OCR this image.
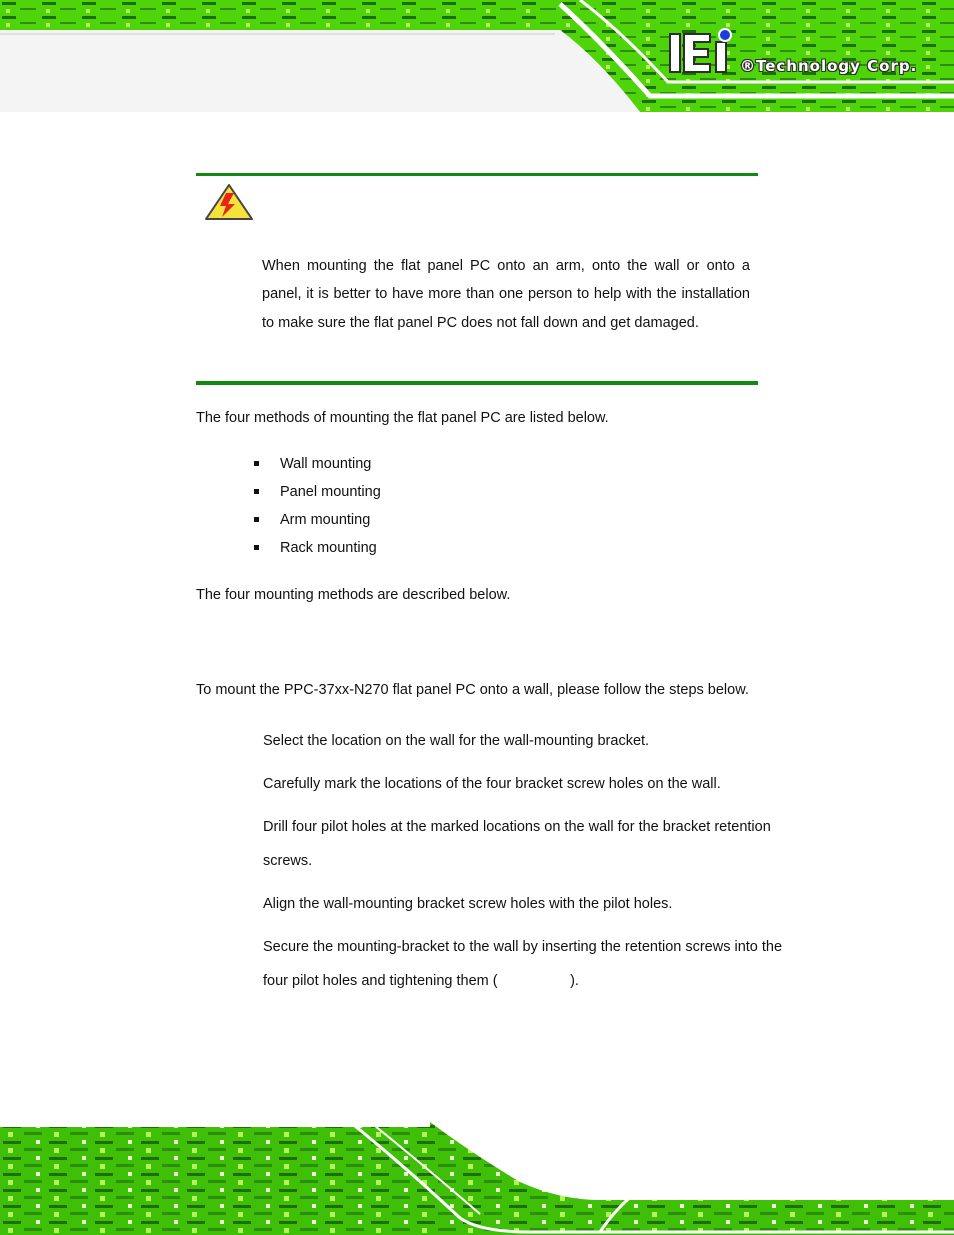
®Technology Corp.
When mounting the flat panel PC onto an arm, onto the wall or onto a panel, it is better to have more than one person to help with the installation to make sure the flat panel PC does not fall down and get damaged.
The four methods of mounting the flat panel PC are listed below.
Wall mounting
Panel mounting
Arm mounting
Rack mounting
The four mounting methods are described below.
To mount the PPC-37xx-N270 flat panel PC onto a wall, please follow the steps below.
Select the location on the wall for the wall-mounting bracket.
Carefully mark the locations of the four bracket screw holes on the wall.
Drill four pilot holes at the marked locations on the wall for the bracket retention screws.
Align the wall-mounting bracket screw holes with the pilot holes.
Secure the mounting-bracket to the wall by inserting the retention screws into the four pilot holes and tightening them (                  ).
